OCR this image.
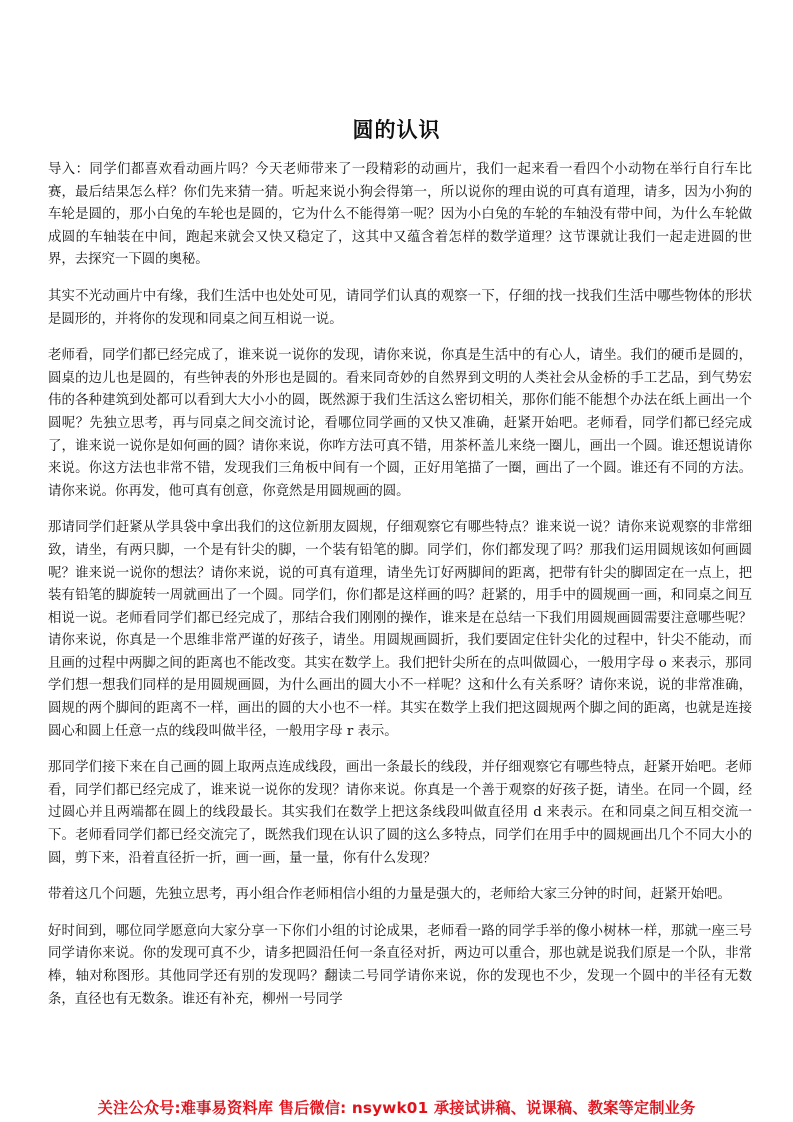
圆的认识

导入：同学们都喜欢看动画片吗？今天老师带来了一段精彩的动画片，我们一起来看一看四个小动物在举行自行车比赛，最后结果怎么样？你们先来猜一猜。听起来说小狗会得第一，所以说你的理由说的可真有道理，请多，因为小狗的车轮是圆的，那小白兔的车轮也是圆的，它为什么不能得第一呢？因为小白兔的车轮的车轴没有带中间，为什么车轮做成圆的车轴装在中间，跑起来就会又快又稳定了，这其中又蕴含着怎样的数学道理？这节课就让我们一起走进圆的世界，去探究一下圆的奥秘。

其实不光动画片中有缘，我们生活中也处处可见，请同学们认真的观察一下，仔细的找一找我们生活中哪些物体的形状是圆形的，并将你的发现和同桌之间互相说一说。

老师看，同学们都已经完成了，谁来说一说你的发现，请你来说，你真是生活中的有心人，请坐。我们的硬币是圆的，圆桌的边儿也是圆的，有些钟表的外形也是圆的。看来同奇妙的自然界到文明的人类社会从金桥的手工艺品，到气势宏伟的各种建筑到处都可以看到大大小小的圆，既然源于我们生活这么密切相关，那你们能不能想个办法在纸上画出一个圆呢？先独立思考，再与同桌之间交流讨论，看哪位同学画的又快又准确，赶紧开始吧。老师看，同学们都已经完成了，谁来说一说你是如何画的圆？请你来说，你咋方法可真不错，用茶杯盖儿来绕一圈儿，画出一个圆。谁还想说请你来说。你这方法也非常不错，发现我们三角板中间有一个圆，正好用笔描了一圈，画出了一个圆。谁还有不同的方法。请你来说。你再发，他可真有创意，你竟然是用圆规画的圆。

那请同学们赶紧从学具袋中拿出我们的这位新朋友圆规，仔细观察它有哪些特点？谁来说一说？请你来说观察的非常细致，请坐，有两只脚，一个是有针尖的脚，一个装有铅笔的脚。同学们，你们都发现了吗？那我们运用圆规该如何画圆呢？谁来说一说你的想法？请你来说，说的可真有道理，请坐先订好两脚间的距离，把带有针尖的脚固定在一点上，把装有铅笔的脚旋转一周就画出了一个圆。同学们，你们都是这样画的吗？赶紧的，用手中的圆规画一画，和同桌之间互相说一说。老师看同学们都已经完成了，那结合我们刚刚的操作，谁来是在总结一下我们用圆规画圆需要注意哪些呢？请你来说，你真是一个思维非常严谨的好孩子，请坐。用圆规画圆折，我们要固定住针尖化的过程中，针尖不能动，而且画的过程中两脚之间的距离也不能改变。其实在数学上。我们把针尖所在的点叫做圆心，一般用字母 o 来表示，那同学们想一想我们同样的是用圆规画圆，为什么画出的圆大小不一样呢？这和什么有关系呀？请你来说，说的非常准确，圆规的两个脚间的距离不一样，画出的圆的大小也不一样。其实在数学上我们把这圆规两个脚之间的距离，也就是连接圆心和圆上任意一点的线段叫做半径，一般用字母 r 表示。

那同学们接下来在自己画的圆上取两点连成线段，画出一条最长的线段，并仔细观察它有哪些特点，赶紧开始吧。老师看，同学们都已经完成了，谁来说一说你的发现？请你来说。你真是一个善于观察的好孩子挺，请坐。在同一个圆，经过圆心并且两端都在圆上的线段最长。其实我们在数学上把这条线段叫做直径用 d 来表示。在和同桌之间互相交流一下。老师看同学们都已经交流完了，既然我们现在认识了圆的这么多特点，同学们在用手中的圆规画出几个不同大小的圆，剪下来，沿着直径折一折，画一画，量一量，你有什么发现？

带着这几个问题，先独立思考，再小组合作老师相信小组的力量是强大的，老师给大家三分钟的时间，赶紧开始吧。

好时间到，哪位同学愿意向大家分享一下你们小组的讨论成果，老师看一路的同学手举的像小树林一样，那就一座三号同学请你来说。你的发现可真不少，请多把圆沿任何一条直径对折，两边可以重合，那也就是说我们原是一个队，非常棒，轴对称图形。其他同学还有别的发现吗？翻读二号同学请你来说，你的发现也不少，发现一个圆中的半径有无数条，直径也有无数条。谁还有补充，柳州一号同学

关注公众号:难事易资料库 售后微信: nsywk01 承接试讲稿、说课稿、教案等定制业务
